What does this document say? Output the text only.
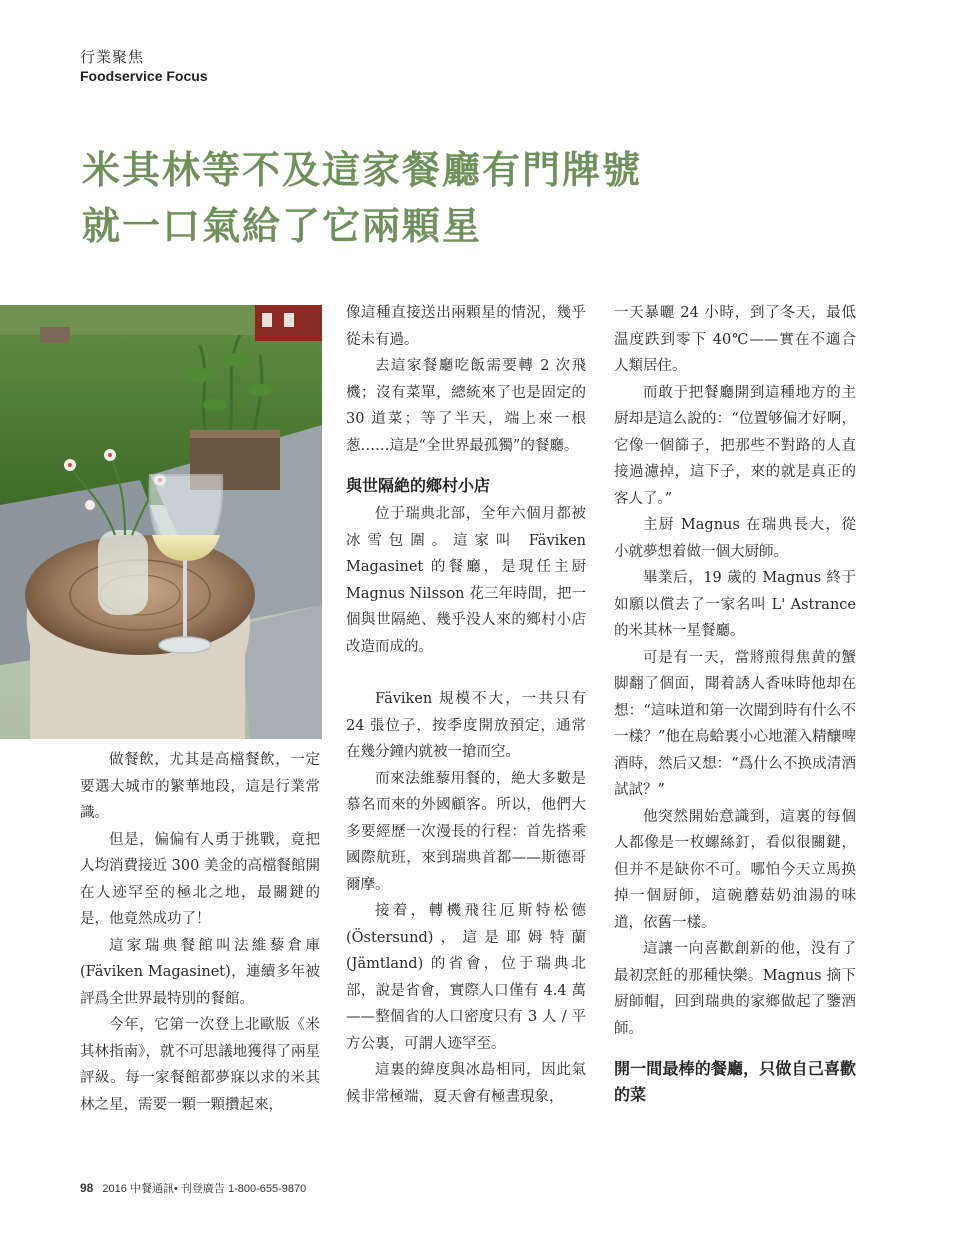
行業聚焦
Foodservice Focus
米其林等不及這家餐廳有門牌號
就一口氣給了它兩顆星

做餐飲，尤其是高檔餐飲，一定要選大城市的繁華地段，這是行業常識。

但是，偏偏有人勇于挑戰，竟把人均消費接近 300 美金的高檔餐館開在人迹罕至的極北之地，最關鍵的是，他竟然成功了！

這家瑞典餐館叫法維藜倉庫 (Fäviken Magasinet)，連續多年被評爲全世界最特別的餐館。

今年，它第一次登上北歐版《米其林指南》，就不可思議地獲得了兩星評級。每一家餐館都夢寐以求的米其林之星，需要一顆一顆攢起來，

像這種直接送出兩顆星的情況，幾乎從未有過。

去這家餐廳吃飯需要轉 2 次飛機；沒有菜單，總統來了也是固定的 30 道菜；等了半天，端上來一根葱……這是“全世界最孤獨”的餐廳。

與世隔絶的鄉村小店

位于瑞典北部，全年六個月都被冰雪包圍。這家叫 Fäviken Magasinet 的餐廳，是現任主厨 Magnus Nilsson 花三年時間，把一個與世隔絶、幾乎没人來的鄉村小店改造而成的。

Fäviken 規模不大，一共只有 24 張位子，按季度開放預定，通常在幾分鐘内就被一搶而空。

而來法維藜用餐的，絶大多數是慕名而來的外國顧客。所以，他們大多要經歷一次漫長的行程：首先搭乘國際航班，來到瑞典首都——斯德哥爾摩。

接着，轉機飛往厄斯特松德 (Östersund)，這是耶姆特蘭 (Jämtland) 的省會，位于瑞典北部，說是省會，實際人口僅有 4.4 萬——整個省的人口密度只有 3 人 / 平方公裏，可謂人迹罕至。

這裏的緯度與冰島相同，因此氣候非常極端，夏天會有極晝現象，

一天暴曬 24 小時，到了冬天，最低温度跌到零下 40℃——實在不適合人類居住。

而敢于把餐廳開到這種地方的主厨却是這么說的：“位置够偏才好啊，它像一個篩子，把那些不對路的人直接過濾掉，這下子，來的就是真正的客人了。”

主厨 Magnus 在瑞典長大，從小就夢想着做一個大厨師。

畢業后，19 歲的 Magnus 終于如願以償去了一家名叫 L' Astrance 的米其林一星餐廳。

可是有一天，當將煎得焦黄的蟹脚翻了個面，聞着誘人香味時他却在想：“這味道和第一次聞到時有什么不一樣？”他在烏蛤裏小心地灌入精釀啤酒時，然后又想：“爲什么不换成清酒試試？”

他突然開始意識到，這裏的每個人都像是一枚螺絲釘，看似很關鍵，但并不是缺你不可。哪怕今天立馬换掉一個厨師，這碗蘑菇奶油湯的味道，依舊一樣。

這讓一向喜歡創新的他，没有了最初烹飪的那種快樂。Magnus 摘下厨師帽，回到瑞典的家鄉做起了鑒酒師。

開一間最棒的餐廳，只做自己喜歡的菜
98 2016 中餐通訊• 刊登廣告 1-800-655-9870
